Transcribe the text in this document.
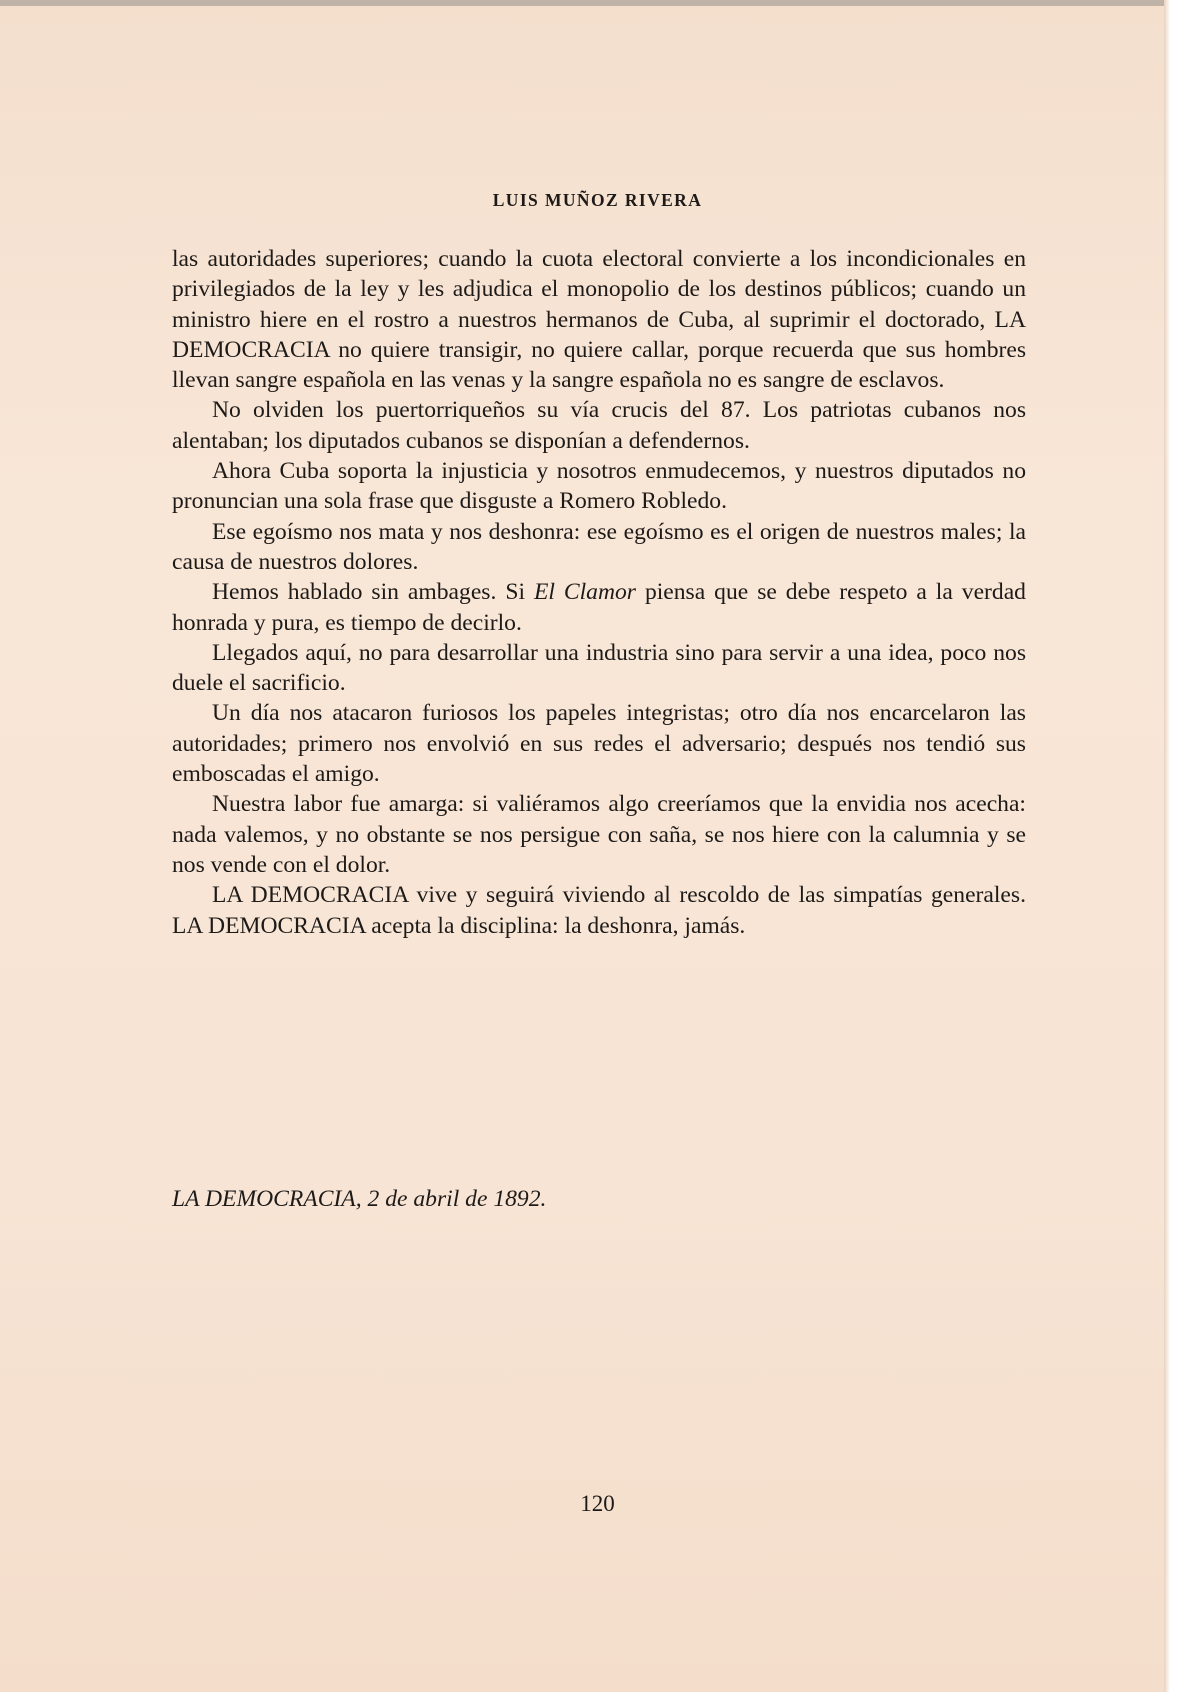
LUIS MUÑOZ RIVERA

las autoridades superiores; cuando la cuota electoral convierte a los incondicionales en privilegiados de la ley y les adjudica el monopolio de los destinos públicos; cuando un ministro hiere en el rostro a nuestros hermanos de Cuba, al suprimir el doctorado, LA DEMOCRACIA no quiere transigir, no quiere callar, porque recuerda que sus hombres llevan sangre española en las venas y la sangre española no es sangre de esclavos.

No olviden los puertorriqueños su vía crucis del 87. Los patriotas cubanos nos alentaban; los diputados cubanos se disponían a defendernos.

Ahora Cuba soporta la injusticia y nosotros enmudecemos, y nuestros diputados no pronuncian una sola frase que disguste a Romero Robledo.

Ese egoísmo nos mata y nos deshonra: ese egoísmo es el origen de nuestros males; la causa de nuestros dolores.

Hemos hablado sin ambages. Si El Clamor piensa que se debe respeto a la verdad honrada y pura, es tiempo de decirlo.

Llegados aquí, no para desarrollar una industria sino para servir a una idea, poco nos duele el sacrificio.

Un día nos atacaron furiosos los papeles integristas; otro día nos encarcelaron las autoridades; primero nos envolvió en sus redes el adversario; después nos tendió sus emboscadas el amigo.

Nuestra labor fue amarga: si valiéramos algo creeríamos que la envidia nos acecha: nada valemos, y no obstante se nos persigue con saña, se nos hiere con la calumnia y se nos vende con el dolor.

LA DEMOCRACIA vive y seguirá viviendo al rescoldo de las simpatías generales. LA DEMOCRACIA acepta la disciplina: la deshonra, jamás.

LA DEMOCRACIA, 2 de abril de 1892.
120
